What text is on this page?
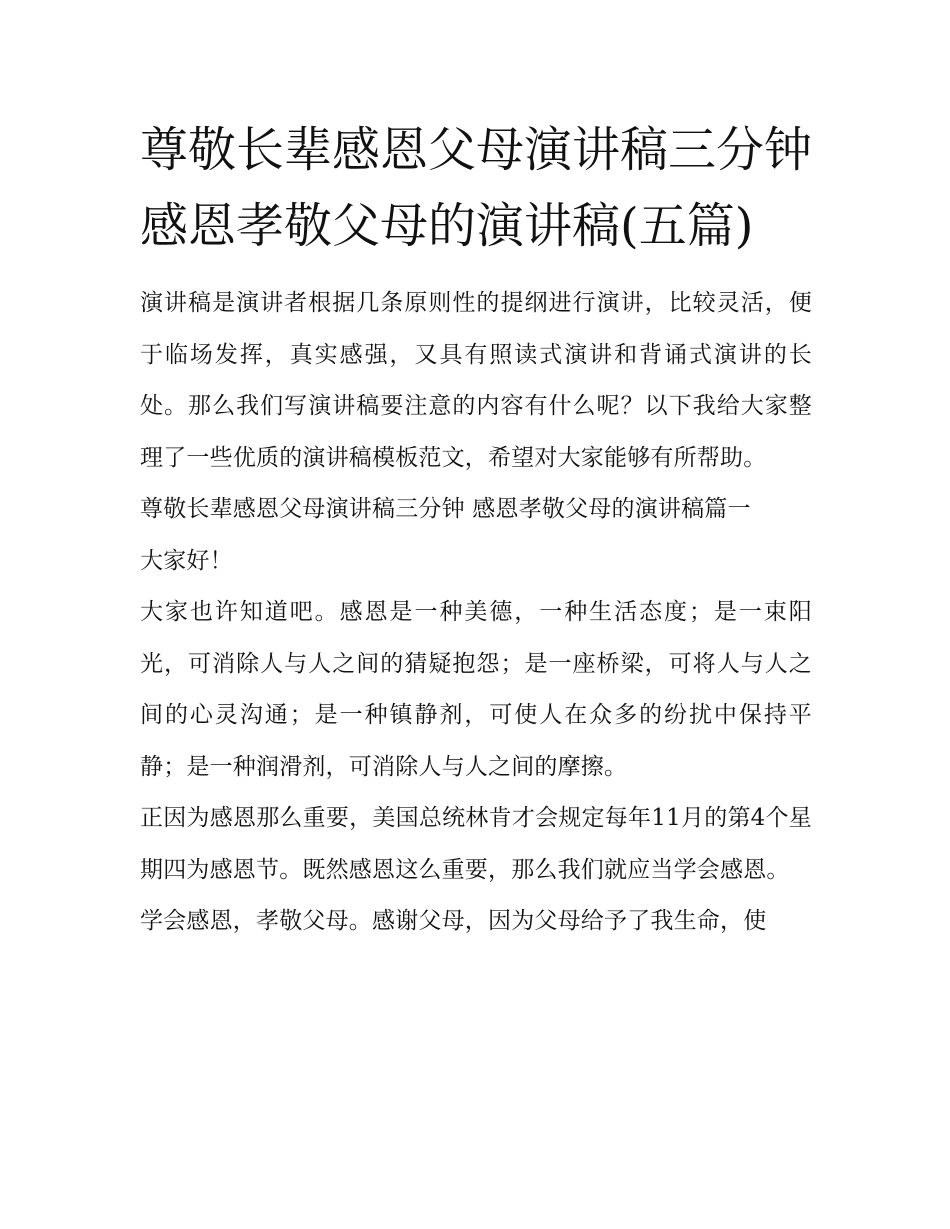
尊敬长辈感恩父母演讲稿三分钟 感恩孝敬父母的演讲稿(五篇)

演讲稿是演讲者根据几条原则性的提纲进行演讲，比较灵活，便于临场发挥，真实感强，又具有照读式演讲和背诵式演讲的长处。那么我们写演讲稿要注意的内容有什么呢？以下我给大家整理了一些优质的演讲稿模板范文，希望对大家能够有所帮助。

尊敬长辈感恩父母演讲稿三分钟 感恩孝敬父母的演讲稿篇一

大家好！

大家也许知道吧。感恩是一种美德，一种生活态度；是一束阳光，可消除人与人之间的猜疑抱怨；是一座桥梁，可将人与人之间的心灵沟通；是一种镇静剂，可使人在众多的纷扰中保持平静；是一种润滑剂，可消除人与人之间的摩擦。

正因为感恩那么重要，美国总统林肯才会规定每年11月的第4个星期四为感恩节。既然感恩这么重要，那么我们就应当学会感恩。

学会感恩，孝敬父母。感谢父母，因为父母给予了我生命，使
